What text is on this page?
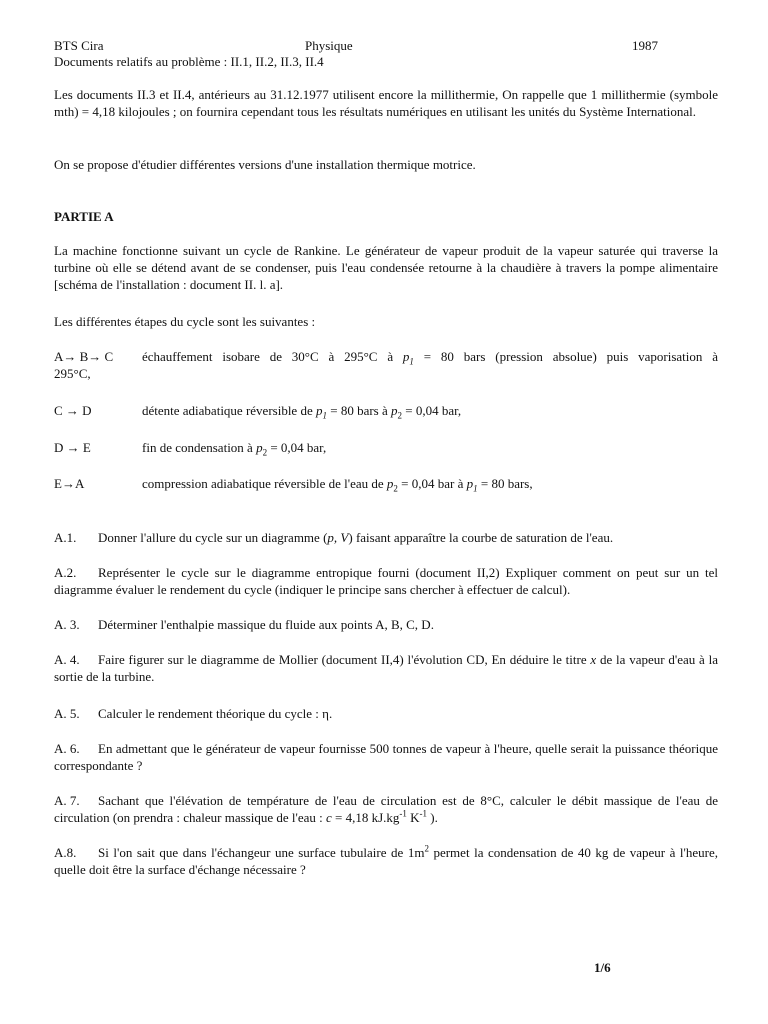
BTS Cira	Physique	1987
Documents relatifs au problème : II.1, II.2, II.3, II.4
Les documents II.3 et II.4, antérieurs au 31.12.1977 utilisent encore la millithermie, On rappelle que 1 millithermie (symbole mth) = 4,18 kilojoules ; on fournira cependant tous les résultats numériques en utilisant les unités du Système International.
On se propose d'étudier différentes versions d'une installation thermique motrice.
PARTIE A
La machine fonctionne suivant un cycle de Rankine. Le générateur de vapeur produit de la vapeur saturée qui traverse la turbine où elle se détend avant de se condenser, puis l'eau condensée retourne à la chaudière à travers la pompe alimentaire [schéma de l'installation : document II. l. a].
Les différentes étapes du cycle sont les suivantes :
A→ B→ C échauffement isobare de 30°C à 295°C à $p_1 = 80$ bars (pression absolue) puis vaporisation à
295°C,
C → D	détente adiabatique réversible de $p_1 = 80$ bars à $p_2 = 0,04$ bar,
D → E	fin de condensation à $p_2 = 0,04$ bar,
E→A	compression adiabatique réversible de l'eau de $p_2 = 0,04$ bar à $p_1 = 80$ bars,
A.1. Donner l'allure du cycle sur un diagramme (p, V) faisant apparaître la courbe de saturation de l'eau.
A.2. Représenter le cycle sur le diagramme entropique fourni (document II,2) Expliquer comment on peut sur un tel diagramme évaluer le rendement du cycle (indiquer le principe sans chercher à effectuer de calcul).
A. 3. Déterminer l'enthalpie massique du fluide aux points A, B, C, D.
A. 4. Faire figurer sur le diagramme de Mollier (document II,4) l'évolution CD, En déduire le titre x de la vapeur d'eau à la sortie de la turbine.
A. 5. Calculer le rendement théorique du cycle : η.
A. 6. En admettant que le générateur de vapeur fournisse 500 tonnes de vapeur à l'heure, quelle serait la puissance théorique correspondante ?
A. 7. Sachant que l'élévation de température de l'eau de circulation est de 8°C, calculer le débit massique de l'eau de circulation (on prendra : chaleur massique de l'eau : c = 4,18 $kJ.kg^{-1}$ $K^{-1}$ ).
A.8. Si l'on sait que dans l'échangeur une surface tubulaire de $1m^2$ permet la condensation de 40 kg de vapeur à l'heure, quelle doit être la surface d'échange nécessaire ?
1/6
